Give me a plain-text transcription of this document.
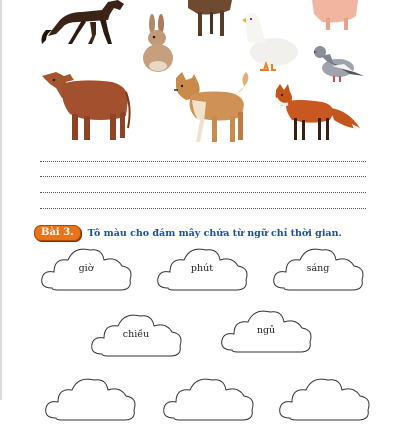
Bài 3.	Tô màu cho đám mây chứa từ ngữ chỉ thời gian.
giờ	phút	sáng
chiều	ngủ
